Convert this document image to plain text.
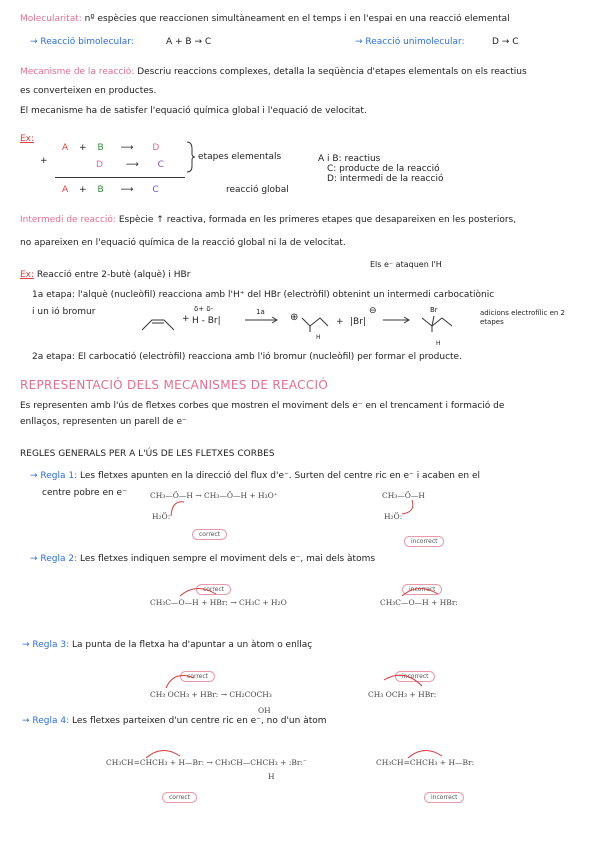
Molecularitat: nº espècies que reaccionen simultàneament en el temps i en l'espai en una reacció elemental
→ Reacció bimolecular:	A + B → C	→ Reacció unimolecular:	D → C
Mecanisme de la reacció: Descriu reaccions complexes, detalla la seqüència d'etapes elementals on els reactius
es converteixen en productes.
El mecanisme ha de satisfer l'equació química global i l'equació de velocitat.
Ex:
A + B ⟶ D
+	D	⟶ C
A + B ⟶ C
etapes elementals
reacció global
A i B: reactius
C: producte de la reacció
D: intermedi de la reacció
Intermedi de reacció: Espècie ↑ reactiva, formada en les primeres etapes que desapareixen en les posteriors,
no apareixen en l'equació química de la reacció global ni la de velocitat.
Els e⁻ ataquen l'H
Ex: Reacció entre 2-butè (alquè) i HBr
1a etapa: l'alquè (nucleòfil) reacciona amb l'H⁺ del HBr (electròfil) obtenint un intermedi carbocatiònic
i un ió bromur
+
δ+ δ-
H - Br|
1a → ⊕
H
+ |Br|
⊖	Br
H
adicions electrofílic en 2 etapes
2a etapa: El carbocatió (electròfil) reacciona amb l'ió bromur (nucleòfil) per formar el producte.
REPRESENTACIÓ DELS MECANISMES DE REACCIÓ
Es representen amb l'ús de fletxes corbes que mostren el moviment dels e⁻ en el trencament i formació de
enllaços, representen un parell de e⁻
REGLES GENERALS PER A L'ÚS DE LES FLETXES CORBES
→ Regla 1: Les fletxes apunten en la direcció del flux d'e⁻. Surten del centre ric en e⁻ i acaben en el
centre pobre en e⁻	CH₃—Ö—H → CH₃—Ö—H + H₃O⁺
H₂Ö:
correct
CH₃—Ö—H
H₂Ö:
incorrect
→ Regla 2: Les fletxes indiquen sempre el moviment dels e⁻, mai dels àtoms
correct
CH₃C—O—H + HBr: → CH₃C + H₂O
incorrect
CH₃C—O—H + HBr:
→ Regla 3: La punta de la fletxa ha d'apuntar a un àtom o enllaç
correct
CH₃ OCH₃ + HBr: → CH₂COCH₃
OH
incorrect
CH₃ OCH₃ + HBr:
→ Regla 4: Les fletxes parteixen d'un centre ric en e⁻, no d'un àtom
CH₃CH=CHCH₃ + H—Br: → CH₃CH—CHCH₃ + :Br:⁻
H
correct
CH₃CH=CHCH₃ + H—Br:
incorrect
